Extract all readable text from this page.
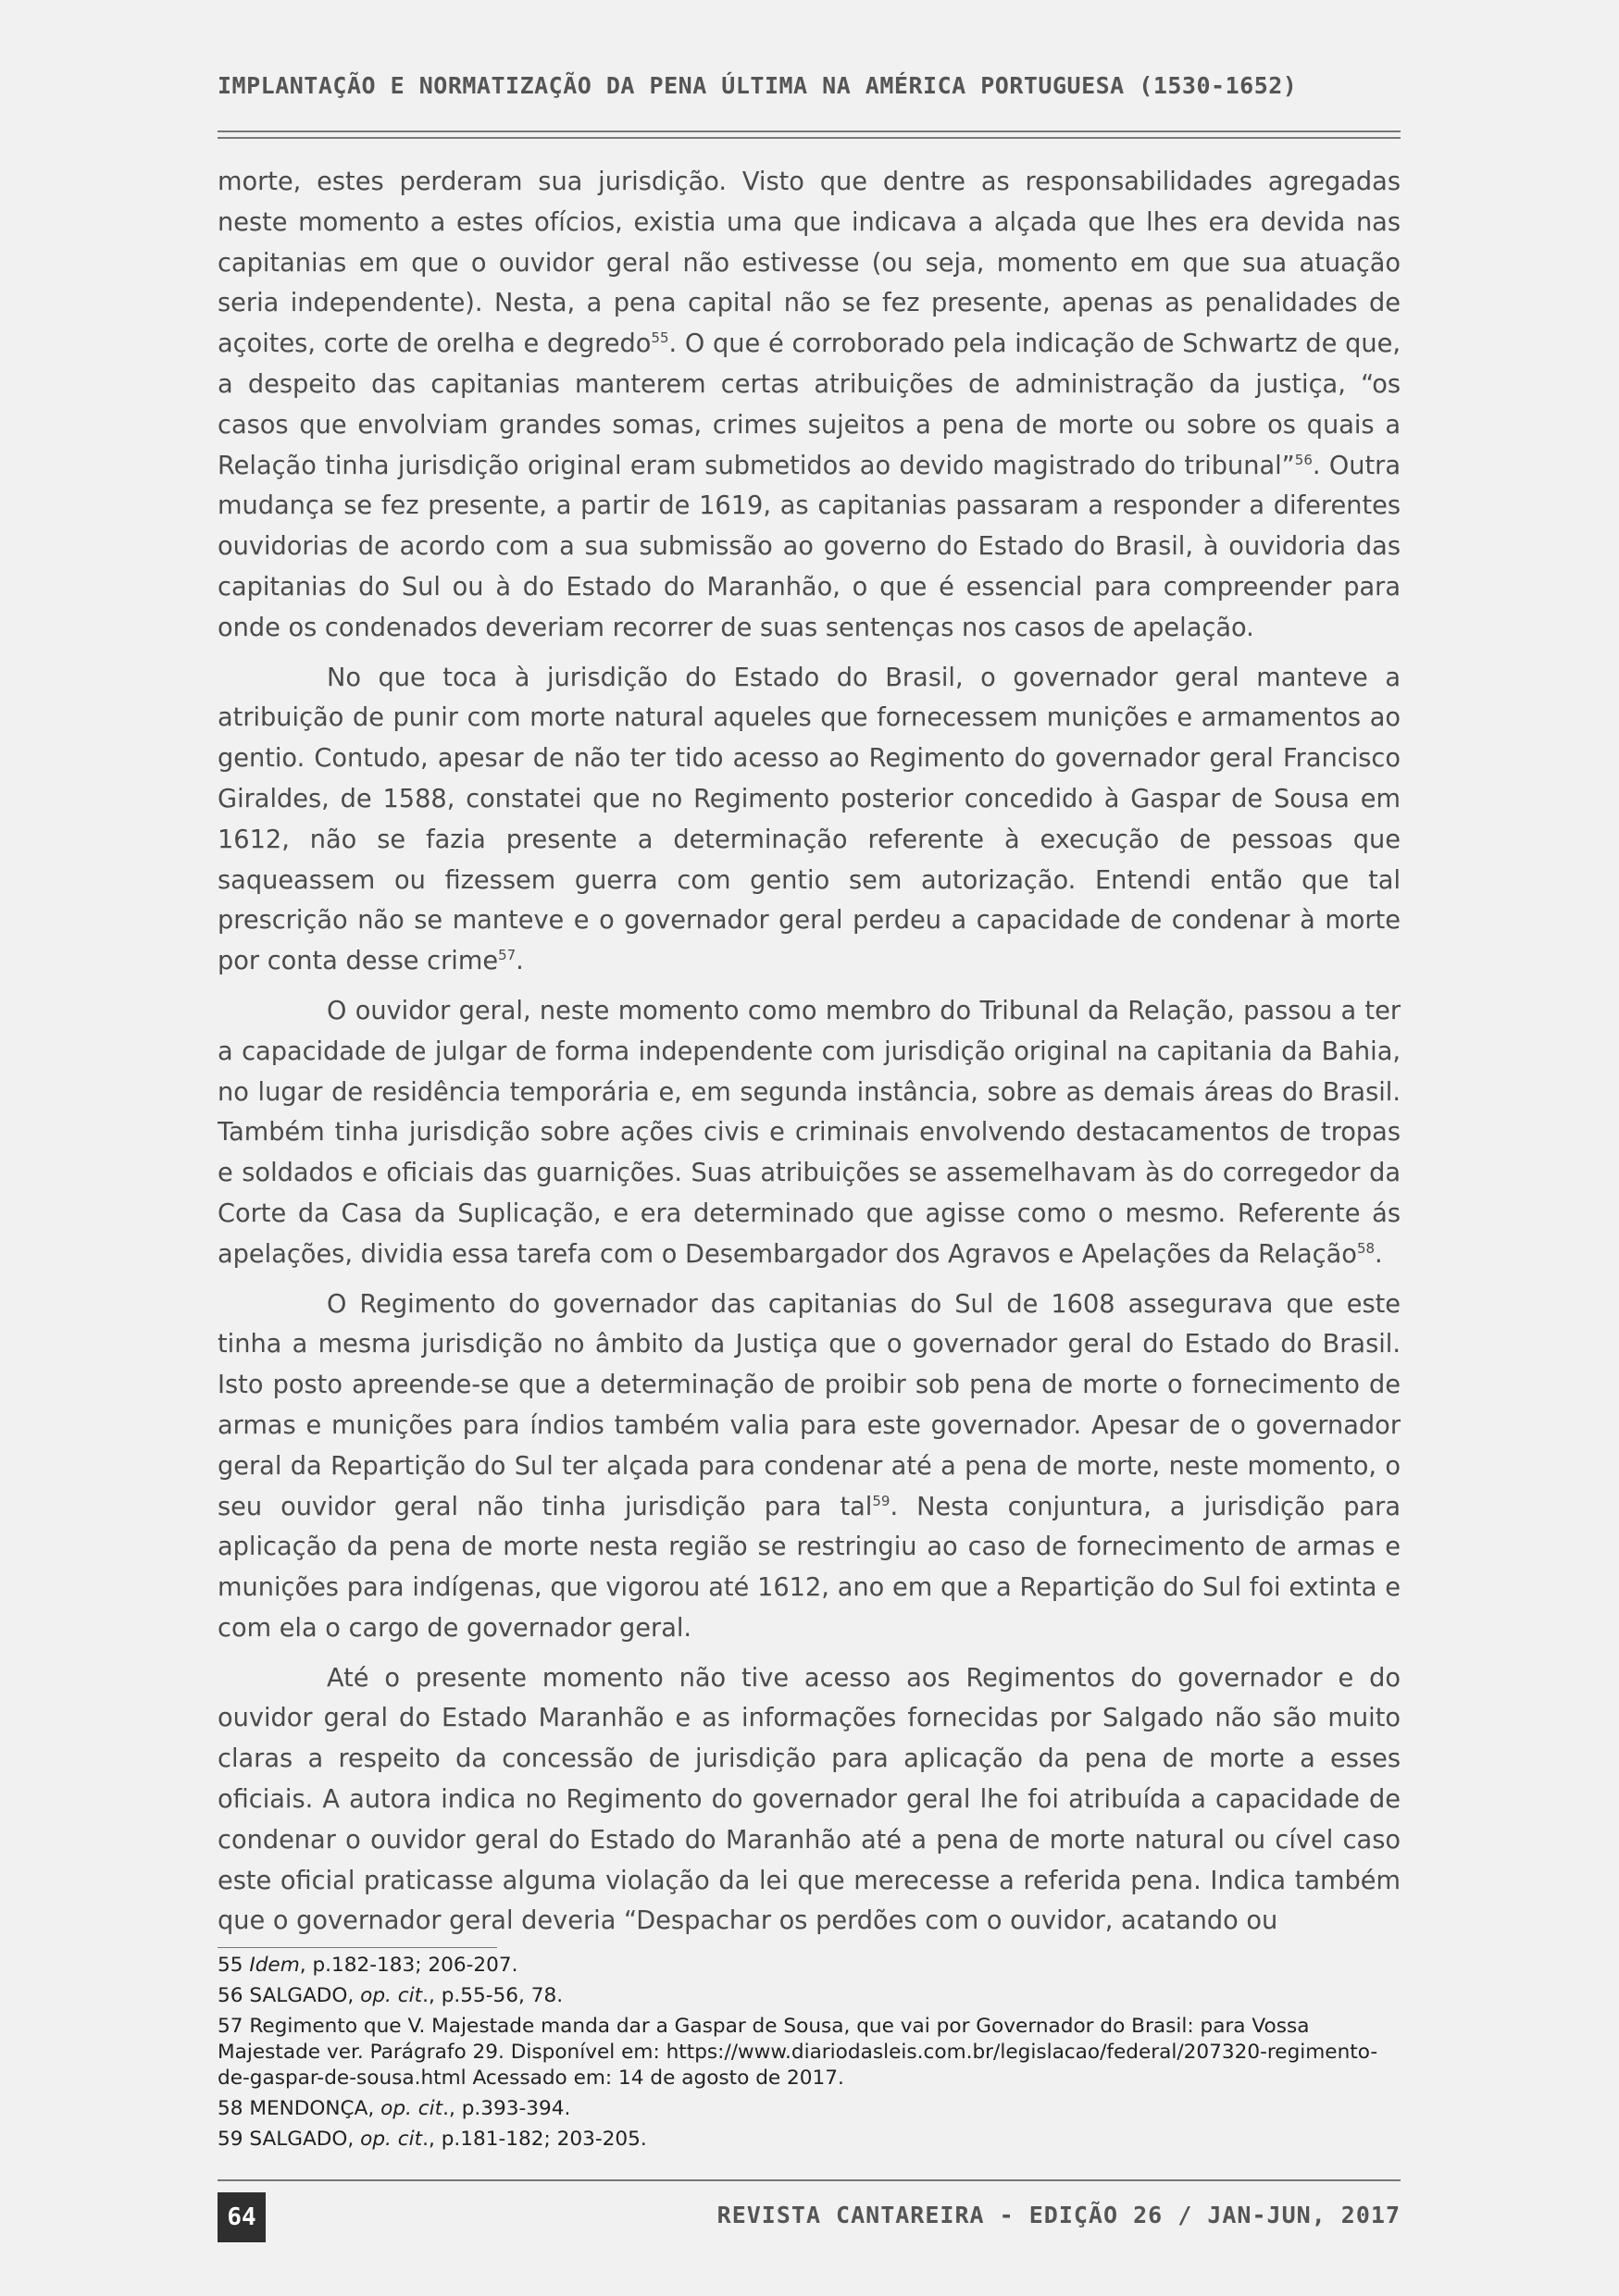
IMPLANTAÇÃO E NORMATIZAÇÃO DA PENA ÚLTIMA NA AMÉRICA PORTUGUESA (1530-1652)

morte, estes perderam sua jurisdição. Visto que dentre as responsabilidades agregadas neste momento a estes ofícios, existia uma que indicava a alçada que lhes era devida nas capitanias em que o ouvidor geral não estivesse (ou seja, momento em que sua atuação seria independente). Nesta, a pena capital não se fez presente, apenas as penalidades de açoites, corte de orelha e degredo$^{55}$. O que é corroborado pela indicação de Schwartz de que, a despeito das capitanias manterem certas atribuições de administração da justiça, “os casos que envolviam grandes somas, crimes sujeitos a pena de morte ou sobre os quais a Relação tinha jurisdição original eram submetidos ao devido magistrado do tribunal”$^{56}$. Outra mudança se fez presente, a partir de 1619, as capitanias passaram a responder a diferentes ouvidorias de acordo com a sua submissão ao governo do Estado do Brasil, à ouvidoria das capitanias do Sul ou à do Estado do Maranhão, o que é essencial para compreender para onde os condenados deveriam recorrer de suas sentenças nos casos de apelação.

No que toca à jurisdição do Estado do Brasil, o governador geral manteve a atribuição de punir com morte natural aqueles que fornecessem munições e armamentos ao gentio. Contudo, apesar de não ter tido acesso ao Regimento do governador geral Francisco Giraldes, de 1588, constatei que no Regimento posterior concedido à Gaspar de Sousa em 1612, não se fazia presente a determinação referente à execução de pessoas que saqueassem ou fizessem guerra com gentio sem autorização. Entendi então que tal prescrição não se manteve e o governador geral perdeu a capacidade de condenar à morte por conta desse crime$^{57}$.

O ouvidor geral, neste momento como membro do Tribunal da Relação, passou a ter a capacidade de julgar de forma independente com jurisdição original na capitania da Bahia, no lugar de residência temporária e, em segunda instância, sobre as demais áreas do Brasil. Também tinha jurisdição sobre ações civis e criminais envolvendo destacamentos de tropas e soldados e oficiais das guarnições. Suas atribuições se assemelhavam às do corregedor da Corte da Casa da Suplicação, e era determinado que agisse como o mesmo. Referente ás apelações, dividia essa tarefa com o Desembargador dos Agravos e Apelações da Relação$^{58}$.

O Regimento do governador das capitanias do Sul de 1608 assegurava que este tinha a mesma jurisdição no âmbito da Justiça que o governador geral do Estado do Brasil. Isto posto apreende-se que a determinação de proibir sob pena de morte o fornecimento de armas e munições para índios também valia para este governador. Apesar de o governador geral da Repartição do Sul ter alçada para condenar até a pena de morte, neste momento, o seu ouvidor geral não tinha jurisdição para tal$^{59}$. Nesta conjuntura, a jurisdição para aplicação da pena de morte nesta região se restringiu ao caso de fornecimento de armas e munições para indígenas, que vigorou até 1612, ano em que a Repartição do Sul foi extinta e com ela o cargo de governador geral.

Até o presente momento não tive acesso aos Regimentos do governador e do ouvidor geral do Estado Maranhão e as informações fornecidas por Salgado não são muito claras a respeito da concessão de jurisdição para aplicação da pena de morte a esses oficiais. A autora indica no Regimento do governador geral lhe foi atribuída a capacidade de condenar o ouvidor geral do Estado do Maranhão até a pena de morte natural ou cível caso este oficial praticasse alguma violação da lei que merecesse a referida pena. Indica também que o governador geral deveria “Despachar os perdões com o ouvidor, acatando ou

55 Idem, p.182-183; 206-207.

56 SALGADO, op. cit., p.55-56, 78.

57 Regimento que V. Majestade manda dar a Gaspar de Sousa, que vai por Governador do Brasil: para Vossa Majestade ver. Parágrafo 29. Disponível em: https://www.diariodasleis.com.br/legislacao/federal/207320-regimento-de-gaspar-de-sousa.html Acessado em: 14 de agosto de 2017.

58 MENDONÇA, op. cit., p.393-394.

59 SALGADO, op. cit., p.181-182; 203-205.

64	REVISTA CANTAREIRA - EDIÇÃO 26 / JAN-JUN, 2017
